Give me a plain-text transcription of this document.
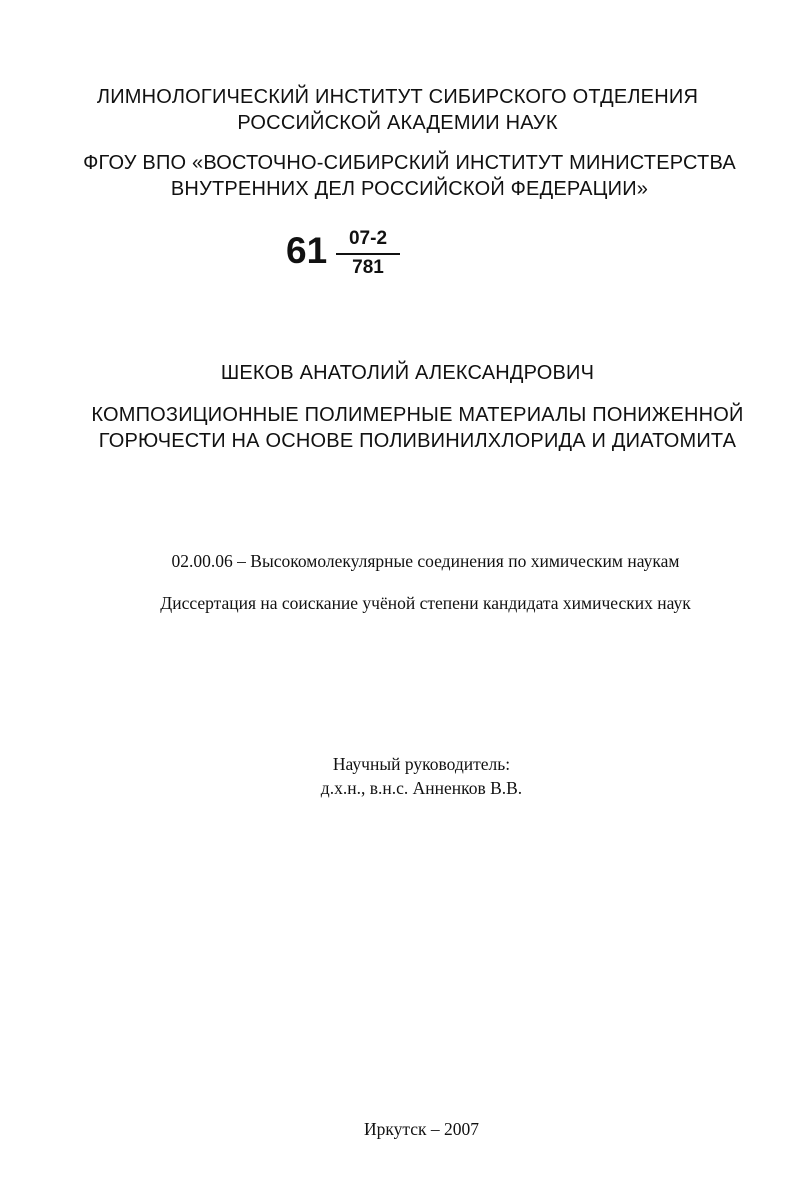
ЛИМНОЛОГИЧЕСКИЙ ИНСТИТУТ СИБИРСКОГО ОТДЕЛЕНИЯ
РОССИЙСКОЙ АКАДЕМИИ НАУК
ФГОУ ВПО «ВОСТОЧНО-СИБИРСКИЙ ИНСТИТУТ МИНИСТЕРСТВА
ВНУТРЕННИХ ДЕЛ РОССИЙСКОЙ ФЕДЕРАЦИИ»
61	07-2
781
ШЕКОВ АНАТОЛИЙ АЛЕКСАНДРОВИЧ
КОМПОЗИЦИОННЫЕ ПОЛИМЕРНЫЕ МАТЕРИАЛЫ ПОНИЖЕННОЙ
ГОРЮЧЕСТИ НА ОСНОВЕ ПОЛИВИНИЛХЛОРИДА И ДИАТОМИТА
02.00.06 – Высокомолекулярные соединения по химическим наукам
Диссертация на соискание учёной степени кандидата химических наук
Научный руководитель:
д.х.н., в.н.с. Анненков В.В.
Иркутск – 2007
